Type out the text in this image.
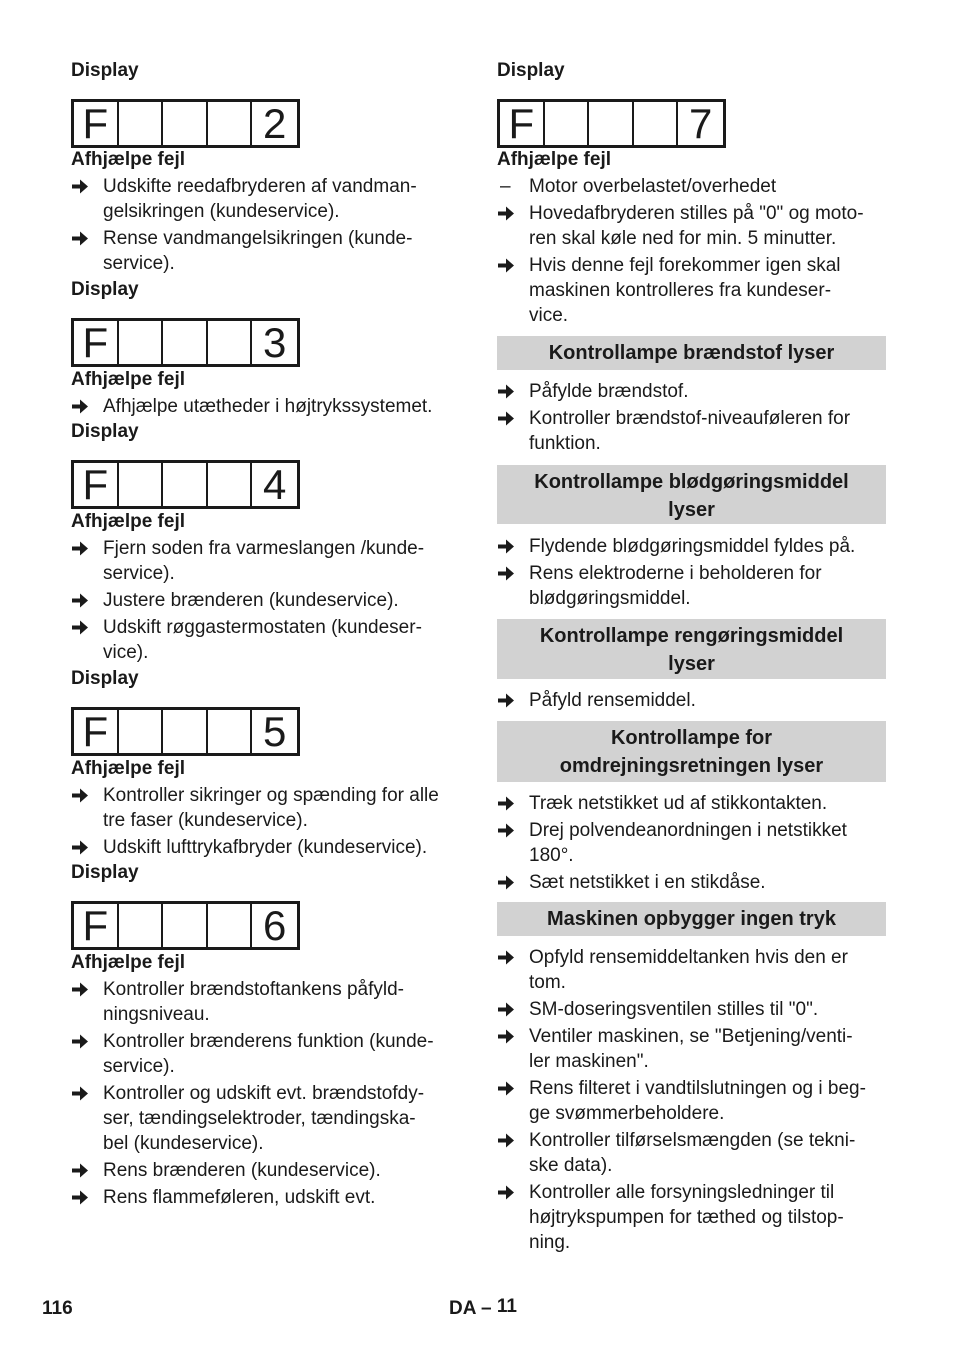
Display
F	2
Afhjælpe fejl
Udskifte reedafbryderen af vandman-
gelsikringen (kundeservice).
Rense vandmangelsikringen (kunde-
service).
Display
F	3
Afhjælpe fejl
Afhjælpe utætheder i højtrykssystemet.
Display
F	4
Afhjælpe fejl
Fjern soden fra varmeslangen /kunde-
service).
Justere brænderen (kundeservice).
Udskift røggastermostaten (kundeser-
vice).
Display
F	5
Afhjælpe fejl
Kontroller sikringer og spænding for alle
tre faser (kundeservice).
Udskift lufttrykafbryder (kundeservice).
Display
F	6
Afhjælpe fejl
Kontroller brændstoftankens påfyld-
ningsniveau.
Kontroller brænderens funktion (kunde-
service).
Kontroller og udskift evt. brændstofdy-
ser, tændingselektroder, tændingska-
bel (kundeservice).
Rens brænderen (kundeservice).
Rens flammeføleren, udskift evt.
Display
F	7
Afhjælpe fejl
– Motor overbelastet/overhedet
Hovedafbryderen stilles på "0" og moto-
ren skal køle ned for min. 5 minutter.
Hvis denne fejl forekommer igen skal
maskinen kontrolleres fra kundeser-
vice.
Kontrollampe brændstof lyser
Påfylde brændstof.
Kontroller brændstof-niveauføleren for
funktion.
Kontrollampe blødgøringsmiddel
lyser
Flydende blødgøringsmiddel fyldes på.
Rens elektroderne i beholderen for
blødgøringsmiddel.
Kontrollampe rengøringsmiddel
lyser
Påfyld rensemiddel.
Kontrollampe for
omdrejningsretningen lyser
Træk netstikket ud af stikkontakten.
Drej polvendeanordningen i netstikket
180°.
Sæt netstikket i en stikdåse.
Maskinen opbygger ingen tryk
Opfyld rensemiddeltanken hvis den er
tom.
SM-doseringsventilen stilles til "0".
Ventiler maskinen, se "Betjening/venti-
ler maskinen".
Rens filteret i vandtilslutningen og i beg-
ge svømmerbeholdere.
Kontroller tilførselsmængden (se tekni-
ske data).
Kontroller alle forsyningsledninger til
højtrykspumpen for tæthed og tilstop-
ning.
116	DA – 11
